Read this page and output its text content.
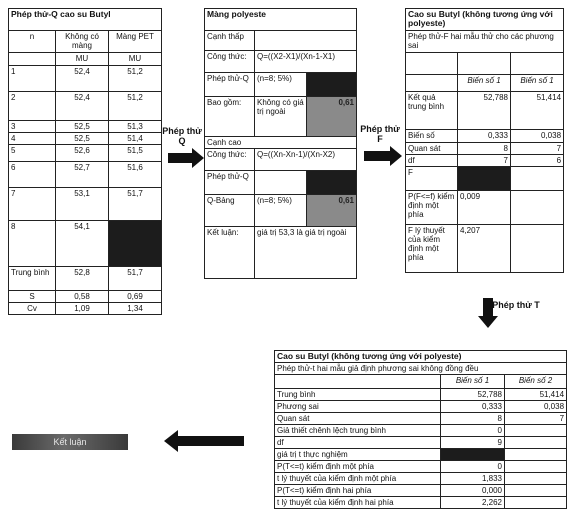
Phép thử-Q cao su Butyl		
n	Không có màng	Màng PET
	MU	MU
1	52,4	51,2
2	52,4	51,2
3	52,5	51,3
4	52,5	51,4
5	52,6	51,5
6	52,7	51,6
7	53,1	51,7
8	54,1	
Trung bình	52,8	51,7
S	0,58	0,69
Cv	1,09	1,34
Phép thử Q
Màng polyeste		
Cạnh thấp		
Công thức:	Q=((X2-X1)/(Xn-1-X1)	
Phép thử-Q	(n=8; 5%)	
Bao gồm:	Không có giá trị ngoài	0,61
Cạnh cao		
Công thức:	Q=((Xn-Xn-1)/(Xn-X2)	
Phép thử-Q		
Q-Bảng	(n=8; 5%)	0,61
Kết luận:	giá trị 53,3 là giá trị ngoài	
Phép thử F
Cao su Butyl (không tương ứng với polyeste)		
Phép thử-F hai mẫu thử cho các phương sai		

	Biến số 1	Biến số 1
Kết quả trung bình	52,788	51,414
Biến số	0,333	0,038
Quan sát	8	7
df	7	6
F		
P(F<=f) kiểm định một phía	0,009	
F lý thuyết của kiểm định một phía	4,207	
Phép thử T
Cao su Butyl (không tương ứng với polyeste)		
Phép thử-t hai mẫu giả định phương sai không đồng đều		
	Biến số 1	Biến số 2
Trung bình	52,788	51,414
Phương sai	0,333	0,038
Quan sát	8	7
Giả thiết chênh lệch trung bình	0	
df	9	
giá trị t thực nghiệm		
P(T<=t) kiểm định một phía	0	
t lý thuyết của kiểm định một phía	1,833	
P(T<=t) kiểm định hai phía	0,000	
t lý thuyết của kiểm định hai phía	2,262	
Kết luận
